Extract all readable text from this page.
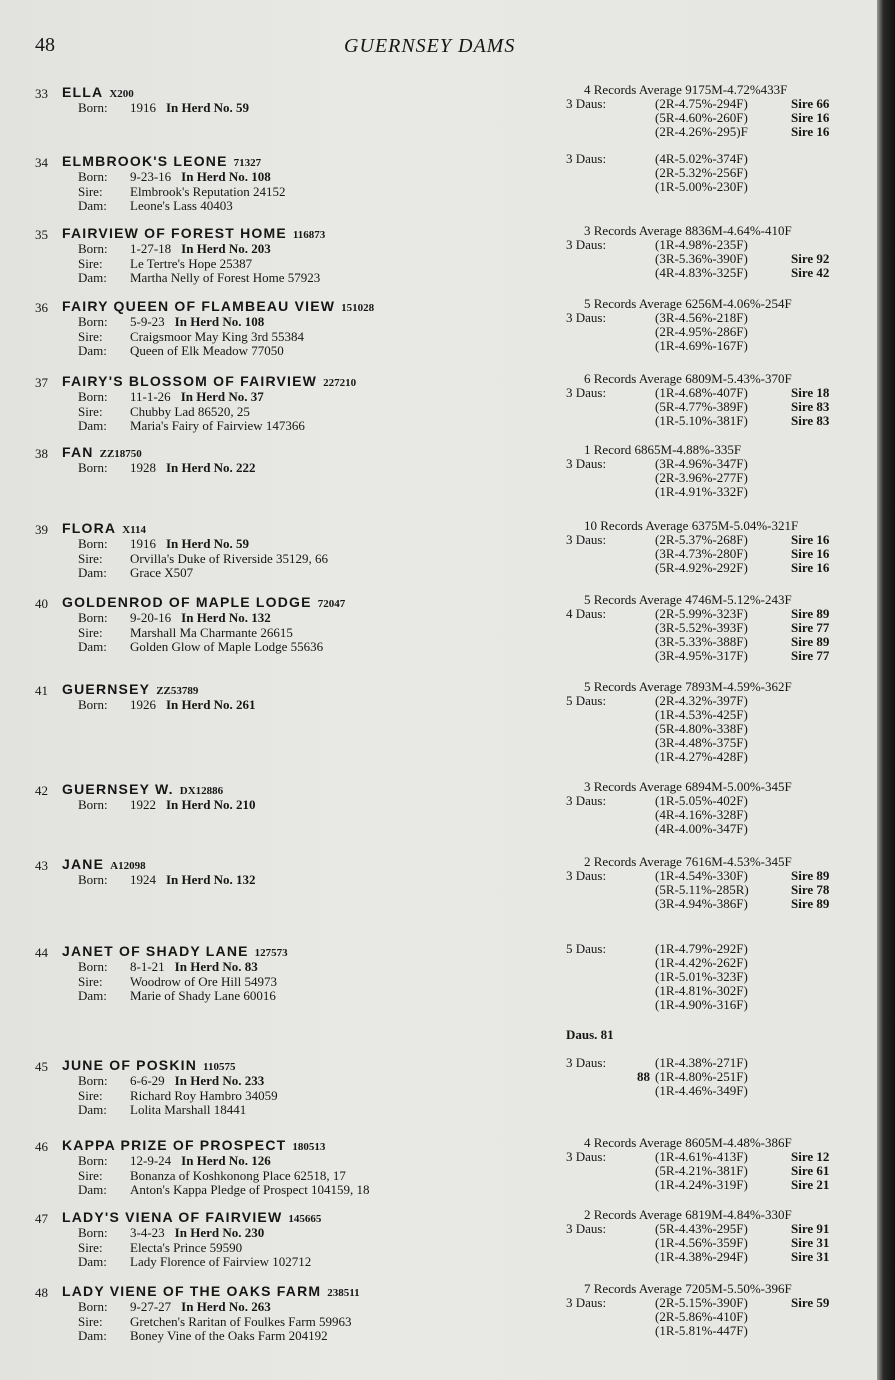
48	GUERNSEY DAMS
33 ELLA X200
Born: 1916 In Herd No. 59
4 Records Average 9175M-4.72%433F
3 Daus:	(2R-4.75%-294F)	Sire 66
(5R-4.60%-260F)	Sire 16
(2R-4.26%-295)F	Sire 16
34 ELMBROOK'S LEONE 71327
Born: 9-23-16 In Herd No. 108
Sire: Elmbrook's Reputation 24152
Dam: Leone's Lass 40403
3 Daus:	(4R-5.02%-374F)
(2R-5.32%-256F)
(1R-5.00%-230F)
35 FAIRVIEW OF FOREST HOME 116873
Born: 1-27-18 In Herd No. 203
Sire: Le Tertre's Hope 25387
Dam: Martha Nelly of Forest Home 57923
3 Records Average 8836M-4.64%-410F
3 Daus:	(1R-4.98%-235F)
(3R-5.36%-390F)	Sire 92
(4R-4.83%-325F)	Sire 42
36 FAIRY QUEEN OF FLAMBEAU VIEW 151028
Born: 5-9-23 In Herd No. 108
Sire: Craigsmoor May King 3rd 55384
Dam: Queen of Elk Meadow 77050
5 Records Average 6256M-4.06%-254F
3 Daus:	(3R-4.56%-218F)
(2R-4.95%-286F)
(1R-4.69%-167F)
37 FAIRY'S BLOSSOM OF FAIRVIEW 227210
Born: 11-1-26 In Herd No. 37
Sire: Chubby Lad 86520, 25
Dam: Maria's Fairy of Fairview 147366
6 Records Average 6809M-5.43%-370F
3 Daus:	(1R-4.68%-407F)	Sire 18
(5R-4.77%-389F)	Sire 83
(1R-5.10%-381F)	Sire 83
38 FAN ZZ18750
Born: 1928 In Herd No. 222
1 Record 6865M-4.88%-335F
3 Daus:	(3R-4.96%-347F)
(2R-3.96%-277F)
(1R-4.91%-332F)
39 FLORA X114
Born: 1916 In Herd No. 59
Sire: Orvilla's Duke of Riverside 35129, 66
Dam: Grace X507
10 Records Average 6375M-5.04%-321F
3 Daus:	(2R-5.37%-268F)	Sire 16
(3R-4.73%-280F)	Sire 16
(5R-4.92%-292F)	Sire 16
40 GOLDENROD OF MAPLE LODGE 72047
Born: 9-20-16 In Herd No. 132
Sire: Marshall Ma Charmante 26615
Dam: Golden Glow of Maple Lodge 55636
5 Records Average 4746M-5.12%-243F
4 Daus:	(2R-5.99%-323F)	Sire 89
(3R-5.52%-393F)	Sire 77
(3R-5.33%-388F)	Sire 89
(3R-4.95%-317F)	Sire 77
41 GUERNSEY ZZ53789
Born: 1926 In Herd No. 261
5 Records Average 7893M-4.59%-362F
5 Daus:	(2R-4.32%-397F)
(1R-4.53%-425F)
(5R-4.80%-338F)
(3R-4.48%-375F)
(1R-4.27%-428F)
42 GUERNSEY W. DX12886
Born: 1922 In Herd No. 210
3 Records Average 6894M-5.00%-345F
3 Daus:	(1R-5.05%-402F)
(4R-4.16%-328F)
(4R-4.00%-347F)
43 JANE A12098
Born: 1924 In Herd No. 132
2 Records Average 7616M-4.53%-345F
3 Daus:	(1R-4.54%-330F)	Sire 89
(5R-5.11%-285R)	Sire 78
(3R-4.94%-386F)	Sire 89
44 JANET OF SHADY LANE 127573
Born: 8-1-21 In Herd No. 83
Sire: Woodrow of Ore Hill 54973
Dam: Marie of Shady Lane 60016
5 Daus:	(1R-4.79%-292F)
(1R-4.42%-262F)
(1R-5.01%-323F)
(1R-4.81%-302F)
(1R-4.90%-316F)
Daus. 81
45 JUNE OF POSKIN 110575
Born: 6-6-29 In Herd No. 233
Sire: Richard Roy Hambro 34059
Dam: Lolita Marshall 18441
3 Daus:	(1R-4.38%-271F)
88 (1R-4.80%-251F)
(1R-4.46%-349F)
46 KAPPA PRIZE OF PROSPECT 180513
Born: 12-9-24 In Herd No. 126
Sire: Bonanza of Koshkonong Place 62518, 17
Dam: Anton's Kappa Pledge of Prospect 104159, 18
4 Records Average 8605M-4.48%-386F
3 Daus:	(1R-4.61%-413F)	Sire 12
(5R-4.21%-381F)	Sire 61
(1R-4.24%-319F)	Sire 21
47 LADY'S VIENA OF FAIRVIEW 145665
Born: 3-4-23 In Herd No. 230
Sire: Electa's Prince 59590
Dam: Lady Florence of Fairview 102712
2 Records Average 6819M-4.84%-330F
3 Daus:	(5R-4.43%-295F)	Sire 91
(1R-4.56%-359F)	Sire 31
(1R-4.38%-294F)	Sire 31
48 LADY VIENE OF THE OAKS FARM 238511
Born: 9-27-27 In Herd No. 263
Sire: Gretchen's Raritan of Foulkes Farm 59963
Dam: Boney Vine of the Oaks Farm 204192
7 Records Average 7205M-5.50%-396F
3 Daus:	(2R-5.15%-390F)	Sire 59
(2R-5.86%-410F)
(1R-5.81%-447F)
